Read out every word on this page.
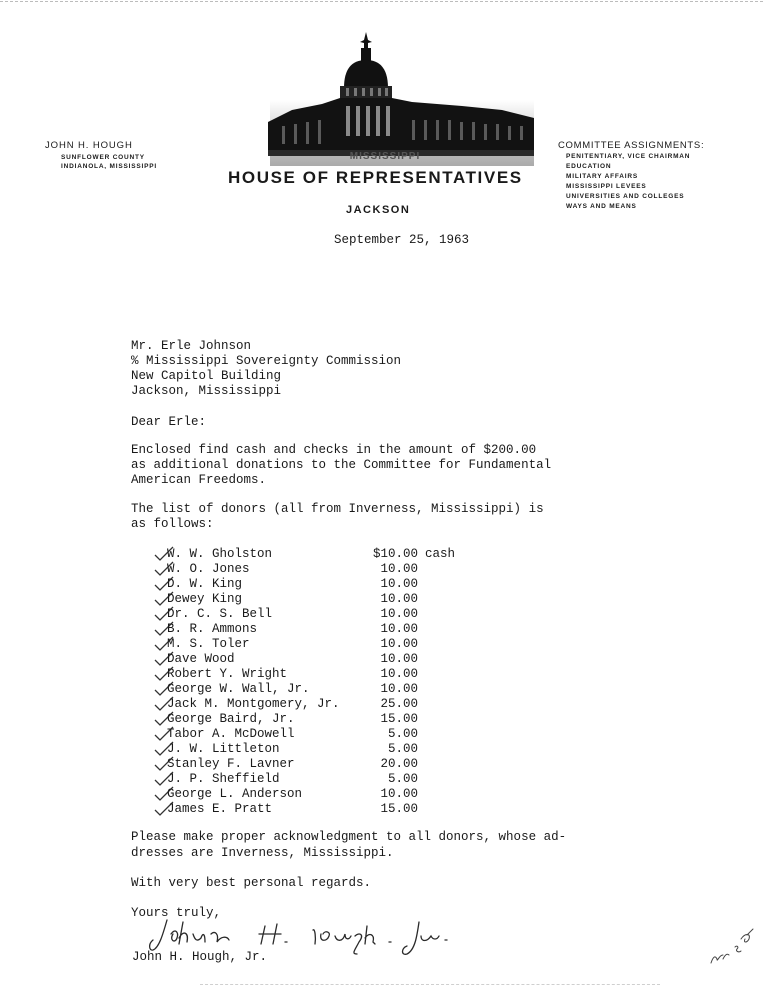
JOHN H. HOUGH
SUNFLOWER COUNTY
INDIANOLA, MISSISSIPPI
MISSISSIPPI
HOUSE OF REPRESENTATIVES
JACKSON
COMMITTEE ASSIGNMENTS:
PENITENTIARY, VICE CHAIRMAN
EDUCATION
MILITARY AFFAIRS
MISSISSIPPI LEVEES
UNIVERSITIES AND COLLEGES
WAYS AND MEANS
September 25, 1963
Mr. Erle Johnson
% Mississippi Sovereignty Commission
New Capitol Building
Jackson, Mississippi
Dear Erle:
Enclosed find cash and checks in the amount of $200.00
as additional donations to the Committee for Fundamental
American Freedoms.
The list of donors (all from Inverness, Mississippi) is
as follows:
W. W. Gholston	$10.00 cash
W. O. Jones	10.00
D. W. King	10.00
Dewey King	10.00
Dr. C. S. Bell	10.00
B. R. Ammons	10.00
M. S. Toler	10.00
Dave Wood	10.00
Robert Y. Wright	10.00
George W. Wall, Jr.	10.00
Jack M. Montgomery, Jr.	25.00
George Baird, Jr.	15.00
Tabor A. McDowell	5.00
J. W. Littleton	5.00
Stanley F. Lavner	20.00
J. P. Sheffield	5.00
George L. Anderson	10.00
James E. Pratt	15.00
Please make proper acknowledgment to all donors, whose ad-
dresses are Inverness, Mississippi.
With very best personal regards.
Yours truly,
John H. Hough, Jr.
